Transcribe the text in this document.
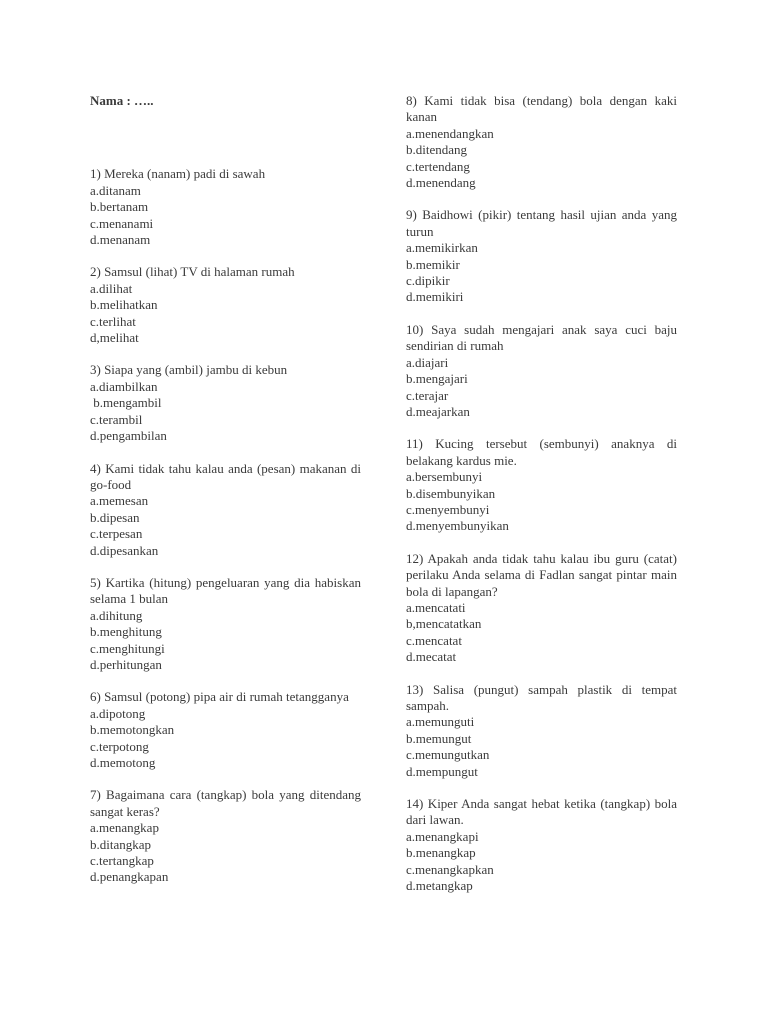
Nama : …..
1) Mereka (nanam) padi di sawah
a.ditanam
b.bertanam
c.menanami
d.menanam
2) Samsul (lihat) TV di halaman rumah
a.dilihat
b.melihatkan
c.terlihat
d,melihat
3) Siapa yang (ambil) jambu di kebun
a.diambilkan
b.mengambil
c.terambil
d.pengambilan
4) Kami tidak tahu kalau anda (pesan) makanan di go-food
a.memesan
b.dipesan
c.terpesan
d.dipesankan
5) Kartika (hitung) pengeluaran yang dia habiskan selama 1 bulan
a.dihitung
b.menghitung
c.menghitungi
d.perhitungan
6) Samsul (potong) pipa air di rumah tetangganya
a.dipotong
b.memotongkan
c.terpotong
d.memotong
7) Bagaimana cara (tangkap) bola yang ditendang sangat keras?
a.menangkap
b.ditangkap
c.tertangkap
d.penangkapan
8) Kami tidak bisa (tendang) bola dengan kaki kanan
a.menendangkan
b.ditendang
c.tertendang
d.menendang
9) Baidhowi (pikir) tentang hasil ujian anda yang turun
a.memikirkan
b.memikir
c.dipikir
d.memikiri
10) Saya sudah mengajari anak saya cuci baju sendirian di rumah
a.diajari
b.mengajari
c.terajar
d.meajarkan
11) Kucing tersebut (sembunyi) anaknya di belakang kardus mie.
a.bersembunyi
b.disembunyikan
c.menyembunyi
d.menyembunyikan
12) Apakah anda tidak tahu kalau ibu guru (catat) perilaku Anda selama di Fadlan sangat pintar main bola di lapangan?
a.mencatati
b,mencatatkan
c.mencatat
d.mecatat
13) Salisa (pungut) sampah plastik di tempat sampah.
a.memunguti
b.memungut
c.memungutkan
d.mempungut
14) Kiper Anda sangat hebat ketika (tangkap) bola dari lawan.
a.menangkapi
b.menangkap
c.menangkapkan
d.metangkap
